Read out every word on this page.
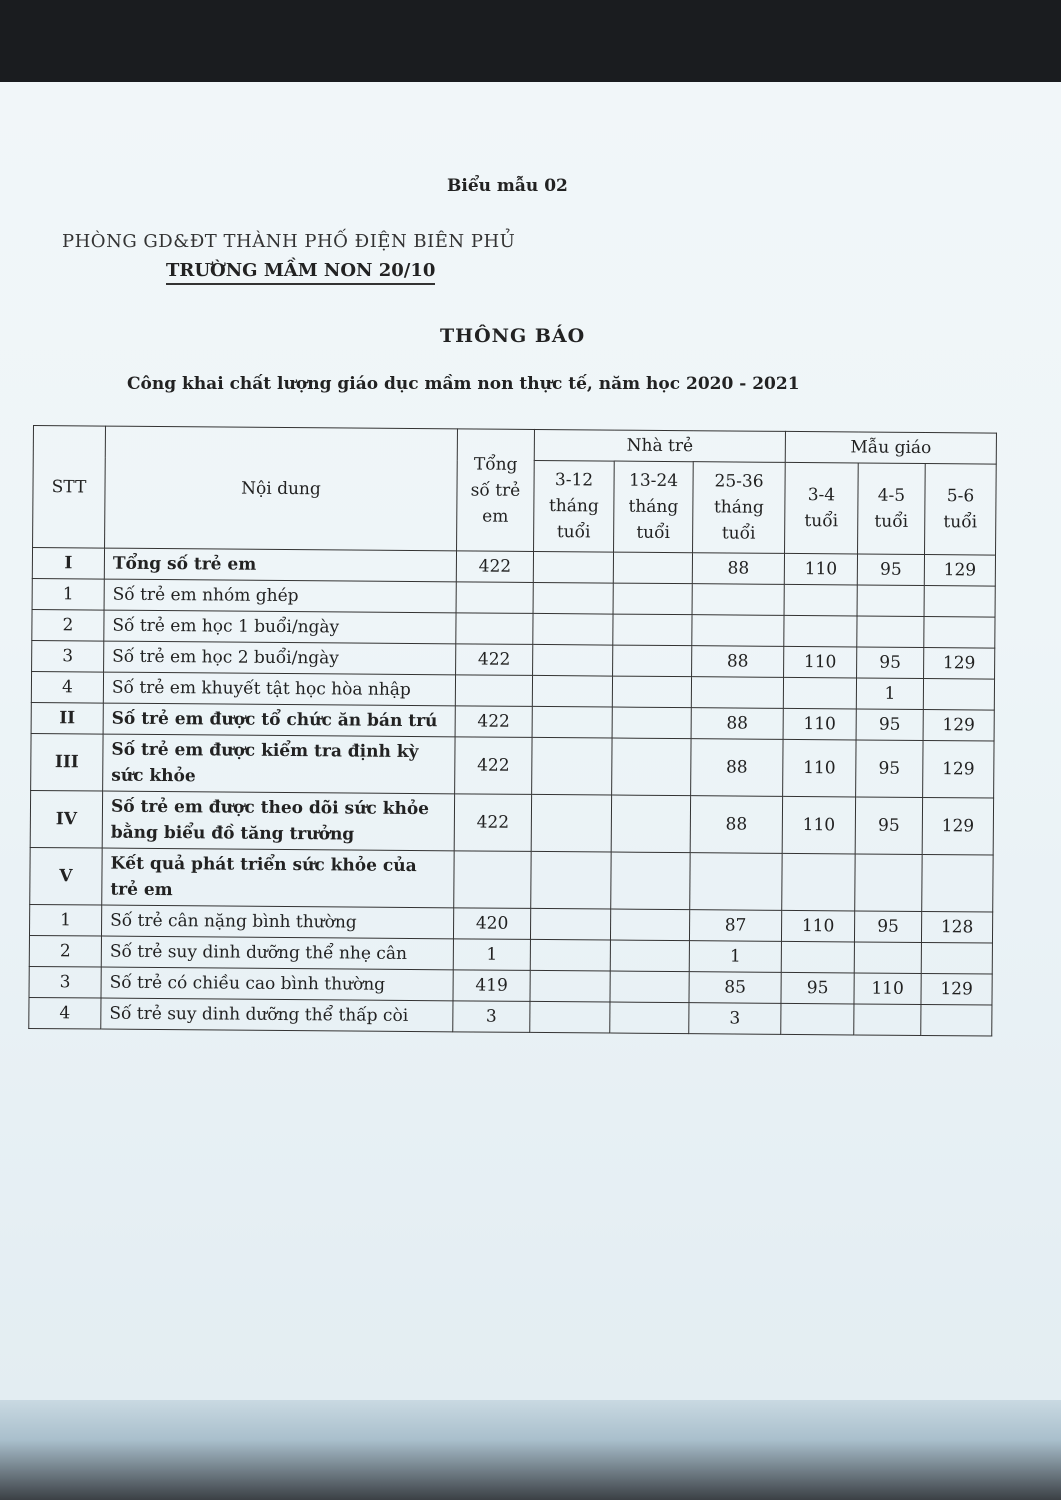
Biểu mẫu 02
PHÒNG GD&ĐT THÀNH PHỐ ĐIỆN BIÊN PHỦ
TRƯỜNG MẦM NON 20/10
THÔNG BÁO
Công khai chất lượng giáo dục mầm non thực tế, năm học 2020 - 2021
STT	Nội dung	Tổng số trẻ em	Nhà trẻ			Mẫu giáo		
			3-12 tháng tuổi	13-24 tháng tuổi	25-36 tháng tuổi	3-4 tuổi	4-5 tuổi	5-6 tuổi
I	Tổng số trẻ em	422			88	110	95	129
1	Số trẻ em nhóm ghép							
2	Số trẻ em học 1 buổi/ngày							
3	Số trẻ em học 2 buổi/ngày	422			88	110	95	129
4	Số trẻ em khuyết tật học hòa nhập						1	
II	Số trẻ em được tổ chức ăn bán trú	422			88	110	95	129
III	Số trẻ em được kiểm tra định kỳ sức khỏe	422			88	110	95	129
IV	Số trẻ em được theo dõi sức khỏe bằng biểu đồ tăng trưởng	422			88	110	95	129
V	Kết quả phát triển sức khỏe của trẻ em							
1	Số trẻ cân nặng bình thường	420			87	110	95	128
2	Số trẻ suy dinh dưỡng thể nhẹ cân	1			1			
3	Số trẻ có chiều cao bình thường	419			85	95	110	129
4	Số trẻ suy dinh dưỡng thể thấp còi	3			3			
